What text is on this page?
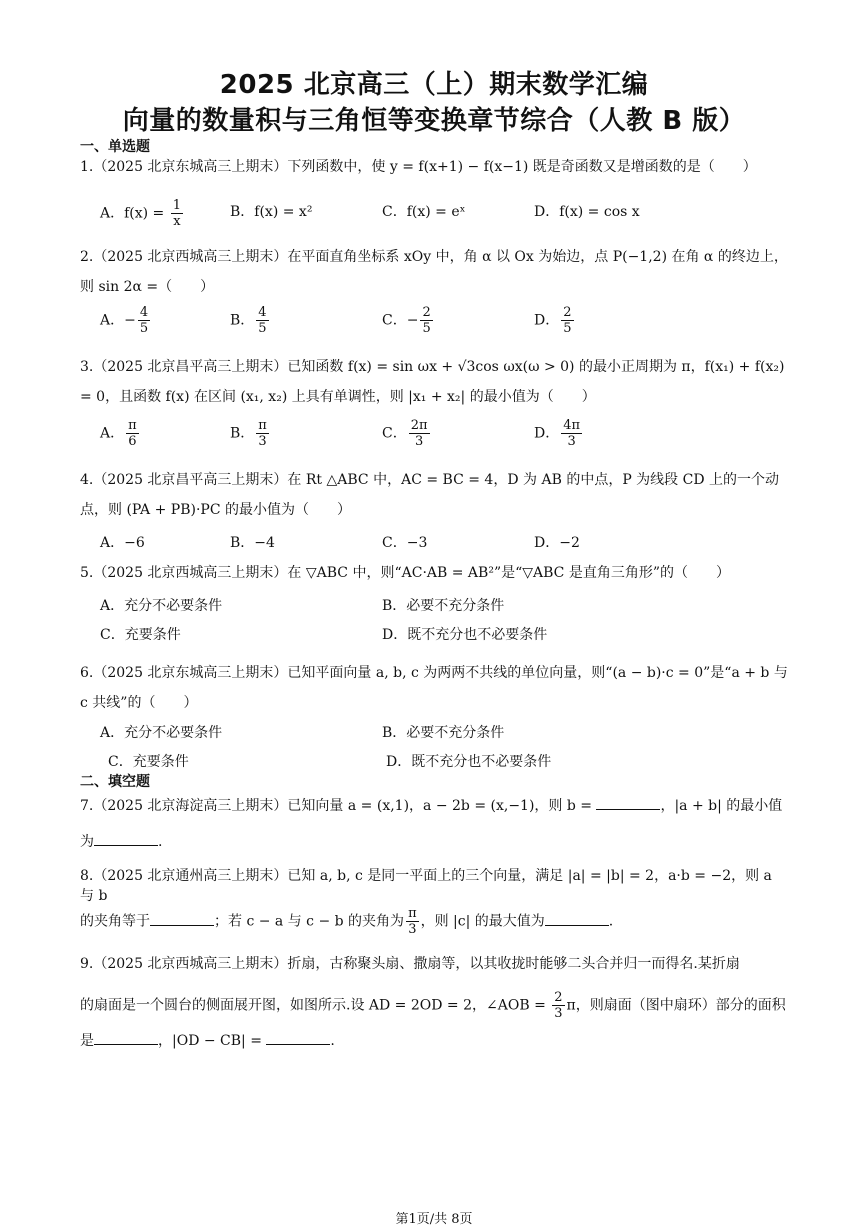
2025 北京高三（上）期末数学汇编
向量的数量积与三角恒等变换章节综合（人教 B 版）
一、单选题
1.（2025 北京东城高三上期末）下列函数中，使 y = f(x+1) − f(x−1) 既是奇函数又是增函数的是（　　）
A．$f(x) = \frac{1}{x}$	B．f(x) = x²	C．f(x) = eˣ	D．f(x) = cos x
2.（2025 北京西城高三上期末）在平面直角坐标系 xOy 中，角 α 以 Ox 为始边，点 P(−1,2) 在角 α 的终边上，则 sin 2α =（　　）
A．− $\frac{4}{5}$	B． $\frac{4}{5}$	C．− $\frac{2}{5}$	D． $\frac{2}{5}$
3.（2025 北京昌平高三上期末）已知函数 f(x) = sin ωx + √3cos ωx(ω > 0) 的最小正周期为 π，f(x₁) + f(x₂) = 0，且函数 f(x) 在区间 (x₁, x₂) 上具有单调性，则 |x₁ + x₂| 的最小值为（　　）
A． $\frac{\pi}{6}$	B． $\frac{\pi}{3}$	C． $\frac{2\pi}{3}$	D． $\frac{4\pi}{3}$
4.（2025 北京昌平高三上期末）在 Rt △ABC 中，AC = BC = 4，D 为 AB 的中点，P 为线段 CD 上的一个动点，则 (PA + PB)·PC 的最小值为（　　）
A．−6	B．−4	C．−3	D．−2
5.（2025 北京西城高三上期末）在 ▽ABC 中，则“AC·AB = AB²”是“▽ABC 是直角三角形”的（　　）
A．充分不必要条件	B．必要不充分条件
C．充要条件	D．既不充分也不必要条件
6.（2025 北京东城高三上期末）已知平面向量 a, b, c 为两两不共线的单位向量，则“(a − b)·c = 0”是“a + b 与 c 共线”的（　　）
A．充分不必要条件	B．必要不充分条件
C．充要条件	D．既不充分也不必要条件
二、填空题
7.（2025 北京海淀高三上期末）已知向量 a = (x,1)，a − 2b = (x,−1)，则 b =	，|a + b| 的最小值
为	.
8.（2025 北京通州高三上期末）已知 a, b, c 是同一平面上的三个向量，满足 |a| = |b| = 2，a·b = −2，则 a 与 b
的夹角等于	；若 c − a 与 c − b 的夹角为 $\frac{\pi}{3}$ ，则 |c| 的最大值为	.
9.（2025 北京西城高三上期末）折扇，古称聚头扇、撒扇等，以其收拢时能够二头合并归一而得名.某折扇
的扇面是一个圆台的侧面展开图，如图所示.设 AD = 2OD = 2，∠AOB = $\frac{2}{3}$ π，则扇面（图中扇环）部分的面积
是	，|OD − CB| =	.
第1页/共 8页
